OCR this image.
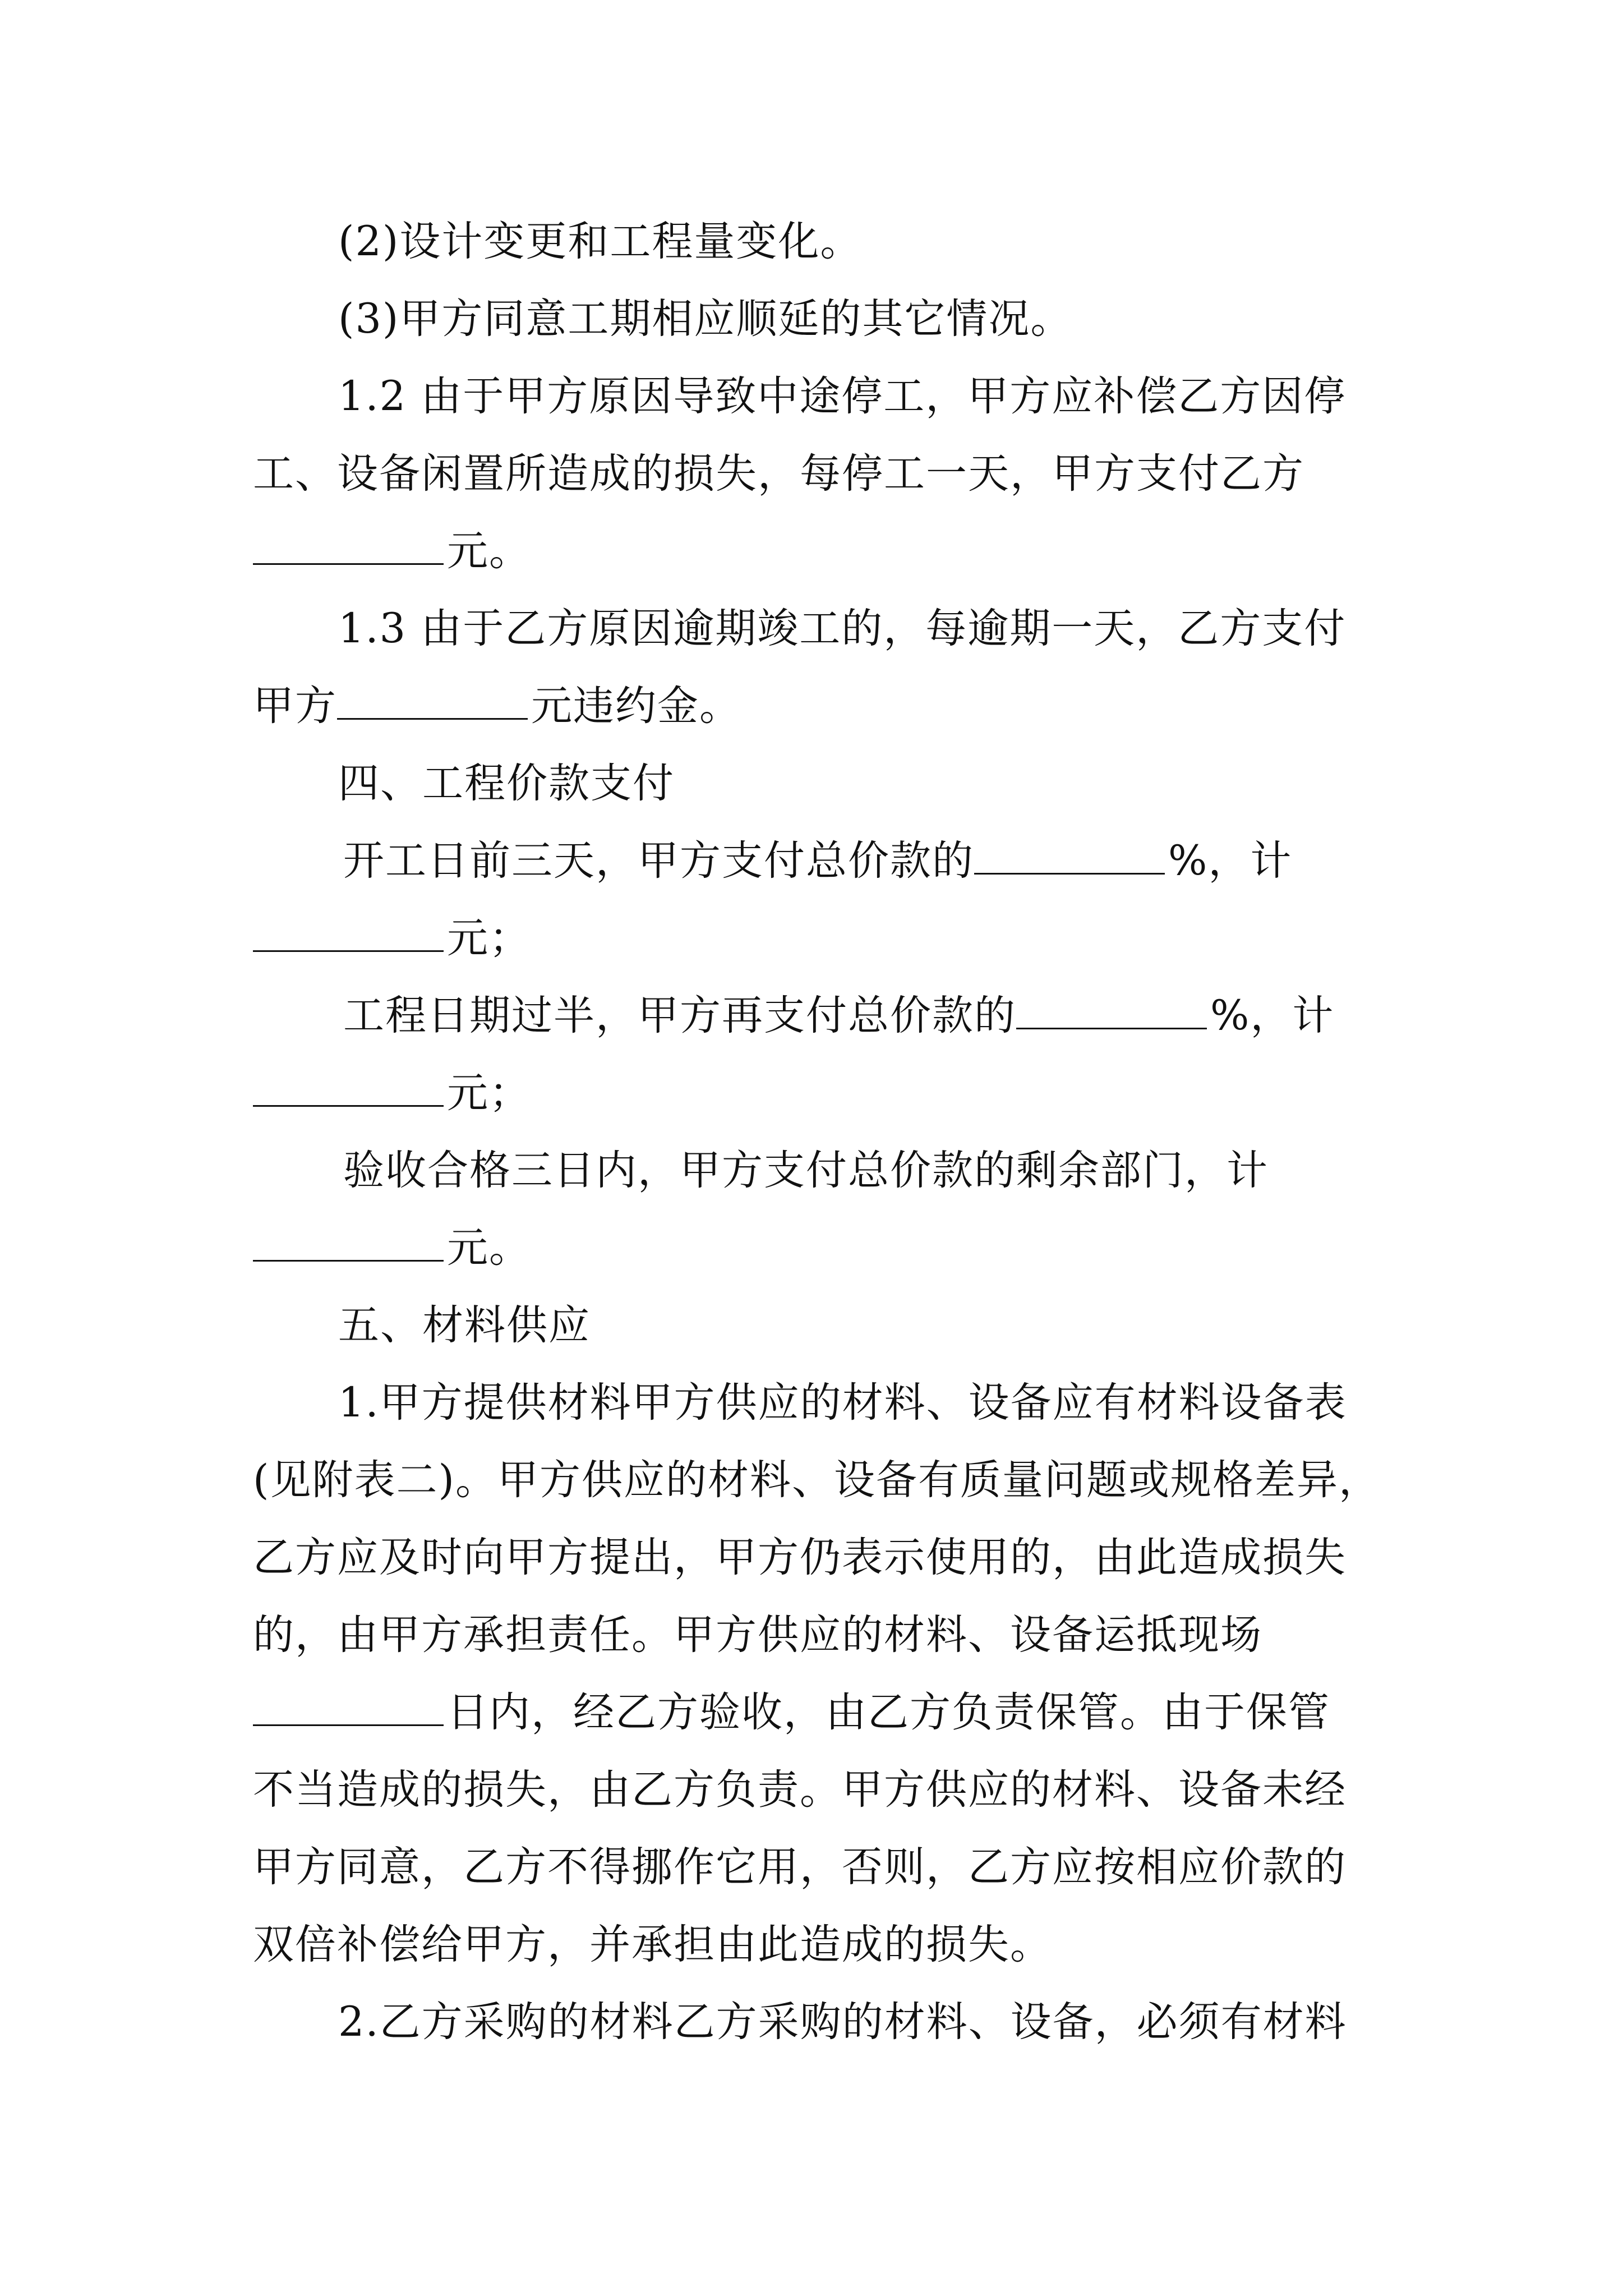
(2)设计变更和工程量变化。
(3)甲方同意工期相应顺延的其它情况。
1.2 由于甲方原因导致中途停工，甲方应补偿乙方因停
工、设备闲置所造成的损失，每停工一天，甲方支付乙方
元。
1.3 由于乙方原因逾期竣工的，每逾期一天，乙方支付
甲方	元违约金。
四、工程价款支付
开工日前三天，甲方支付总价款的	%，计
元；
工程日期过半，甲方再支付总价款的	%，计
元；
验收合格三日内，甲方支付总价款的剩余部门，计
元。
五、材料供应
1.甲方提供材料甲方供应的材料、设备应有材料设备表
(见附表二)。甲方供应的材料、设备有质量问题或规格差异，
乙方应及时向甲方提出，甲方仍表示使用的，由此造成损失
的，由甲方承担责任。甲方供应的材料、设备运抵现场
日内，经乙方验收，由乙方负责保管。由于保管
不当造成的损失，由乙方负责。甲方供应的材料、设备未经
甲方同意，乙方不得挪作它用，否则，乙方应按相应价款的
双倍补偿给甲方，并承担由此造成的损失。
2.乙方采购的材料乙方采购的材料、设备，必须有材料
